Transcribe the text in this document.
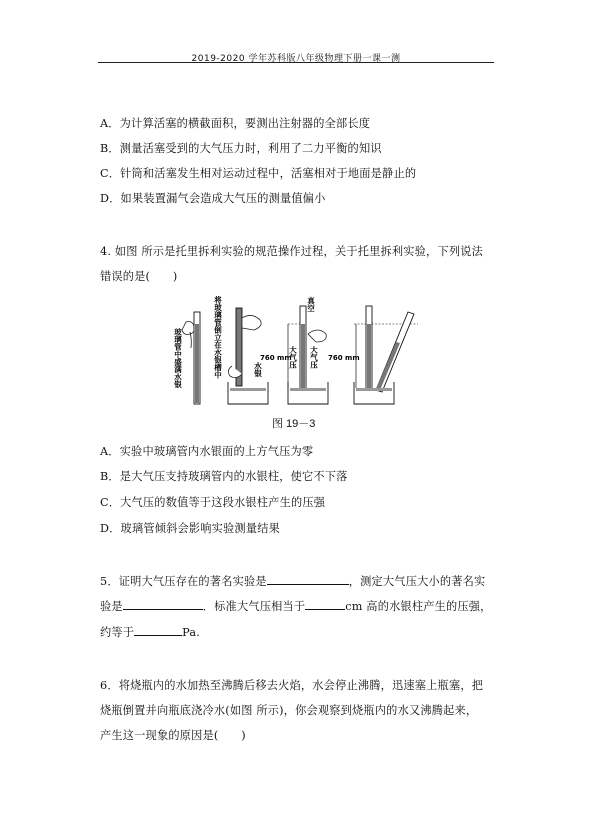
2019-2020 学年苏科版八年级物理下册一课一测
A．为计算活塞的横截面积，要测出注射器的全部长度
B．测量活塞受到的大气压力时，利用了二力平衡的知识
C．针筒和活塞发生相对运动过程中，活塞相对于地面是静止的
D．如果装置漏气会造成大气压的测量值偏小
4. 如图 所示是托里拆利实验的规范操作过程，关于托里拆利实验，下列说法
错误的是(　　)
玻璃管中盛满水银	将玻璃管倒立在水银槽中	水银
真空
760 mm
大气压 大气压 760 mm
图 19－3
A．实验中玻璃管内水银面的上方气压为零
B．是大气压支持玻璃管内的水银柱，使它不下落
C．大气压的数值等于这段水银柱产生的压强
D．玻璃管倾斜会影响实验测量结果
5．证明大气压存在的著名实验是	，测定大气压大小的著名实
验是	．标准大气压相当于	cm 高的水银柱产生的压强，
约等于	Pa.
6．将烧瓶内的水加热至沸腾后移去火焰，水会停止沸腾，迅速塞上瓶塞，把
烧瓶倒置并向瓶底浇冷水(如图 所示)，你会观察到烧瓶内的水又沸腾起来，
产生这一现象的原因是(　　)
